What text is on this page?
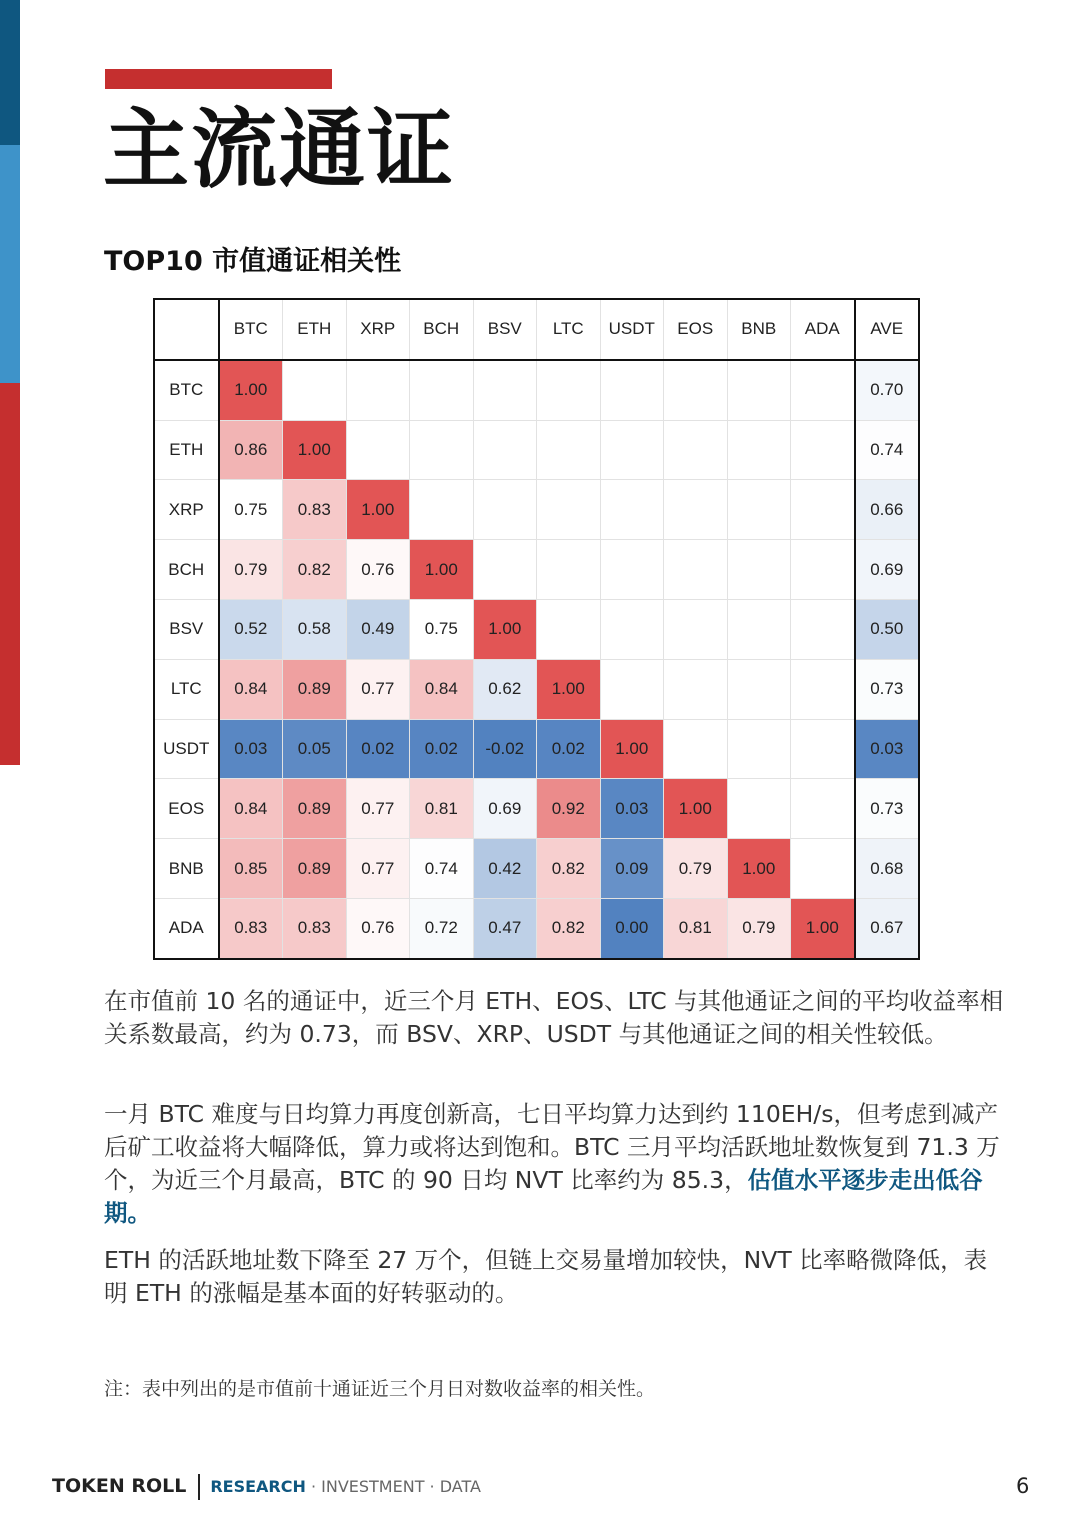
主流通证
TOP10 市值通证相关性
	BTC	ETH	XRP	BCH	BSV	LTC	USDT	EOS	BNB	ADA	AVE
BTC	1.00										0.70
ETH	0.86	1.00									0.74
XRP	0.75	0.83	1.00								0.66
BCH	0.79	0.82	0.76	1.00							0.69
BSV	0.52	0.58	0.49	0.75	1.00						0.50
LTC	0.84	0.89	0.77	0.84	0.62	1.00					0.73
USDT	0.03	0.05	0.02	0.02	-0.02	0.02	1.00				0.03
EOS	0.84	0.89	0.77	0.81	0.69	0.92	0.03	1.00			0.73
BNB	0.85	0.89	0.77	0.74	0.42	0.82	0.09	0.79	1.00		0.68
ADA	0.83	0.83	0.76	0.72	0.47	0.82	0.00	0.81	0.79	1.00	0.67

在市值前 10 名的通证中，近三个月 ETH、EOS、LTC 与其他通证之间的平均收益率相关系数最高，约为 0.73，而 BSV、XRP、USDT 与其他通证之间的相关性较低。

一月 BTC 难度与日均算力再度创新高，七日平均算力达到约 110EH/s，但考虑到减产后矿工收益将大幅降低，算力或将达到饱和。BTC 三月平均活跃地址数恢复到 71.3 万个，为近三个月最高，BTC 的 90 日均 NVT 比率约为 85.3，估值水平逐步走出低谷期。

ETH 的活跃地址数下降至 27 万个，但链上交易量增加较快，NVT 比率略微降低，表明 ETH 的涨幅是基本面的好转驱动的。

注：表中列出的是市值前十通证近三个月日对数收益率的相关性。

TOKEN ROLL RESEARCH · INVESTMENT · DATA	6
